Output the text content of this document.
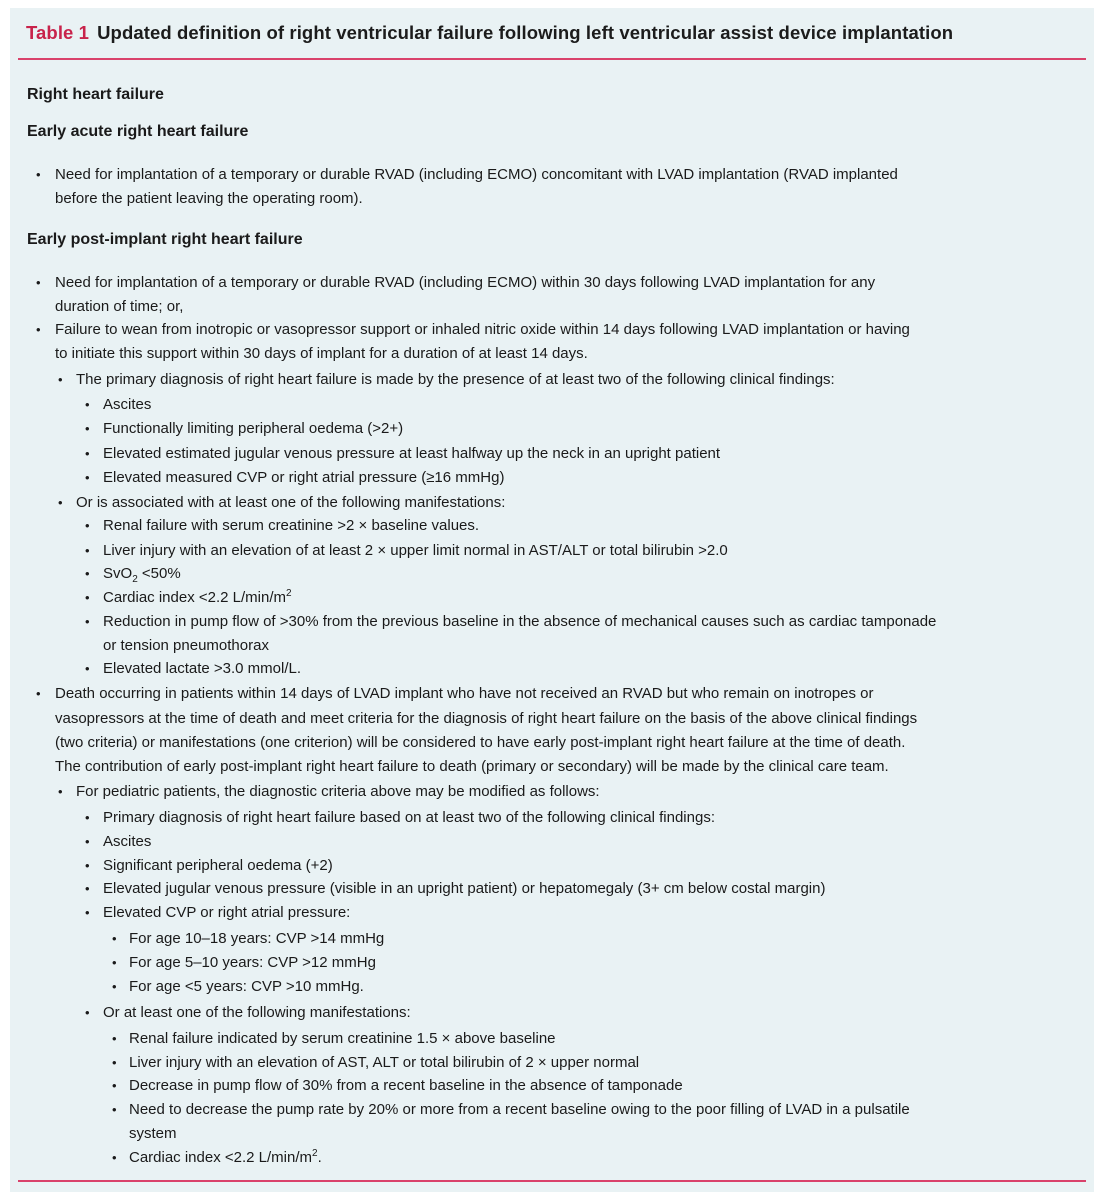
Table 1 Updated definition of right ventricular failure following left ventricular assist device implantation
Right heart failure
Early acute right heart failure
• Need for implantation of a temporary or durable RVAD (including ECMO) concomitant with LVAD implantation (RVAD implanted
before the patient leaving the operating room).
Early post-implant right heart failure
• Need for implantation of a temporary or durable RVAD (including ECMO) within 30 days following LVAD implantation for any
duration of time; or,
• Failure to wean from inotropic or vasopressor support or inhaled nitric oxide within 14 days following LVAD implantation or having
to initiate this support within 30 days of implant for a duration of at least 14 days.
• The primary diagnosis of right heart failure is made by the presence of at least two of the following clinical findings:
• Ascites
• Functionally limiting peripheral oedema (>2+)
• Elevated estimated jugular venous pressure at least halfway up the neck in an upright patient
• Elevated measured CVP or right atrial pressure (≥16 mmHg)
• Or is associated with at least one of the following manifestations:
• Renal failure with serum creatinine >2 × baseline values.
• Liver injury with an elevation of at least 2 × upper limit normal in AST/ALT or total bilirubin >2.0
• SvO$_2$ <50%
• Cardiac index <2.2 $L/\min/m^2$
• Reduction in pump flow of >30% from the previous baseline in the absence of mechanical causes such as cardiac tamponade
or tension pneumothorax
• Elevated lactate >3.0 mmol/L.
• Death occurring in patients within 14 days of LVAD implant who have not received an RVAD but who remain on inotropes or
vasopressors at the time of death and meet criteria for the diagnosis of right heart failure on the basis of the above clinical findings
(two criteria) or manifestations (one criterion) will be considered to have early post-implant right heart failure at the time of death.
The contribution of early post-implant right heart failure to death (primary or secondary) will be made by the clinical care team.
• For pediatric patients, the diagnostic criteria above may be modified as follows:
• Primary diagnosis of right heart failure based on at least two of the following clinical findings:
• Ascites
• Significant peripheral oedema (+2)
• Elevated jugular venous pressure (visible in an upright patient) or hepatomegaly (3+ cm below costal margin)
• Elevated CVP or right atrial pressure:
• For age 10–18 years: CVP >14 mmHg
• For age 5–10 years: CVP >12 mmHg
• For age <5 years: CVP >10 mmHg.
• Or at least one of the following manifestations:
• Renal failure indicated by serum creatinine 1.5 × above baseline
• Liver injury with an elevation of AST, ALT or total bilirubin of 2 × upper normal
• Decrease in pump flow of 30% from a recent baseline in the absence of tamponade
• Need to decrease the pump rate by 20% or more from a recent baseline owing to the poor filling of LVAD in a pulsatile
system
• Cardiac index <2.2 $L/\min/m^2$.
